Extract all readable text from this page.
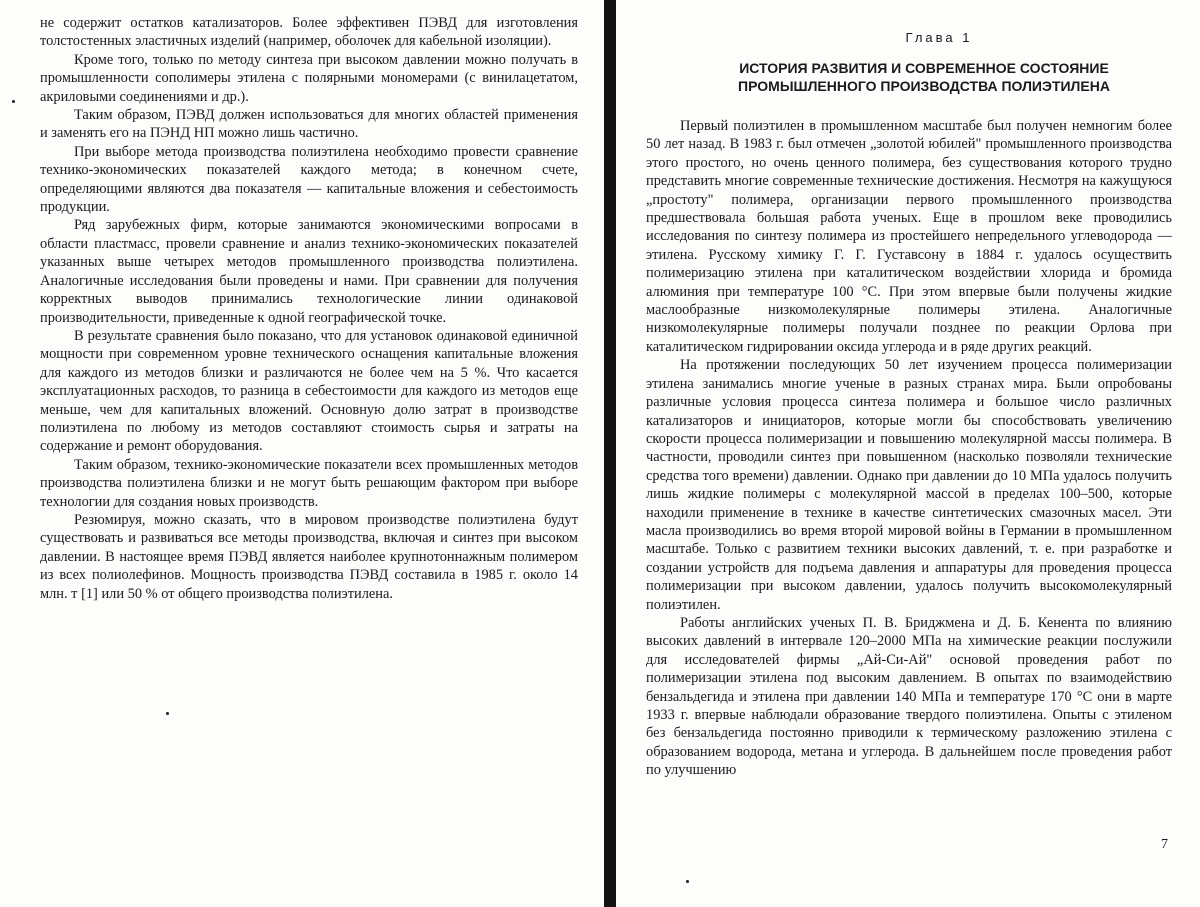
не содержит остатков катализаторов. Более эффективен ПЭВД для изготовления толстостенных эластичных изделий (например, оболочек для кабельной изоляции).

Кроме того, только по методу синтеза при высоком давлении можно получать в промышленности сополимеры этилена с полярными мономерами (с винилацетатом, акриловыми соединениями и др.).

Таким образом, ПЭВД должен использоваться для многих областей применения и заменять его на ПЭНД НП можно лишь частично.

При выборе метода производства полиэтилена необходимо провести сравнение технико-экономических показателей каждого метода; в конечном счете, определяющими являются два показателя — капитальные вложения и себестоимость продукции.

Ряд зарубежных фирм, которые занимаются экономическими вопросами в области пластмасс, провели сравнение и анализ технико-экономических показателей указанных выше четырех методов промышленного производства полиэтилена. Аналогичные исследования были проведены и нами. При сравнении для получения корректных выводов принимались технологические линии одинаковой производительности, приведенные к одной географической точке.

В результате сравнения было показано, что для установок одинаковой единичной мощности при современном уровне технического оснащения капитальные вложения для каждого из методов близки и различаются не более чем на 5 %. Что касается эксплуатационных расходов, то разница в себестоимости для каждого из методов еще меньше, чем для капитальных вложений. Основную долю затрат в производстве полиэтилена по любому из методов составляют стоимость сырья и затраты на содержание и ремонт оборудования.

Таким образом, технико-экономические показатели всех промышленных методов производства полиэтилена близки и не могут быть решающим фактором при выборе технологии для создания новых производств.

Резюмируя, можно сказать, что в мировом производстве полиэтилена будут существовать и развиваться все методы производства, включая и синтез при высоком давлении. В настоящее время ПЭВД является наиболее крупнотоннажным полимером из всех полиолефинов. Мощность производства ПЭВД составила в 1985 г. около 14 млн. т [1] или 50 % от общего производства полиэтилена.

Глава 1
ИСТОРИЯ РАЗВИТИЯ И СОВРЕМЕННОЕ СОСТОЯНИЕ ПРОМЫШЛЕННОГО ПРОИЗВОДСТВА ПОЛИЭТИЛЕНА

Первый полиэтилен в промышленном масштабе был получен немногим более 50 лет назад. В 1983 г. был отмечен „золотой юбилей" промышленного производства этого простого, но очень ценного полимера, без существования которого трудно представить многие современные технические достижения. Несмотря на кажущуюся „простоту" полимера, организации первого промышленного производства предшествовала большая работа ученых. Еще в прошлом веке проводились исследования по синтезу полимера из простейшего непредельного углеводорода — этилена. Русскому химику Г. Г. Густавсону в 1884 г. удалось осуществить полимеризацию этилена при каталитическом воздействии хлорида и бромида алюминия при температуре 100 °С. При этом впервые были получены жидкие маслообразные низкомолекулярные полимеры этилена. Аналогичные низкомолекулярные полимеры получали позднее по реакции Орлова при каталитическом гидрировании оксида углерода и в ряде других реакций.

На протяжении последующих 50 лет изучением процесса полимеризации этилена занимались многие ученые в разных странах мира. Были опробованы различные условия процесса синтеза полимера и большое число различных катализаторов и инициаторов, которые могли бы способствовать увеличению скорости процесса полимеризации и повышению молекулярной массы полимера. В частности, проводили синтез при повышенном (насколько позволяли технические средства того времени) давлении. Однако при давлении до 10 МПа удалось получить лишь жидкие полимеры с молекулярной массой в пределах 100–500, которые находили применение в технике в качестве синтетических смазочных масел. Эти масла производились во время второй мировой войны в Германии в промышленном масштабе. Только с развитием техники высоких давлений, т. е. при разработке и создании устройств для подъема давления и аппаратуры для проведения процесса полимеризации при высоком давлении, удалось получить высокомолекулярный полиэтилен.

Работы английских ученых П. В. Бриджмена и Д. Б. Кенента по влиянию высоких давлений в интервале 120–2000 МПа на химические реакции послужили для исследователей фирмы „Ай-Си-Ай" основой проведения работ по полимеризации этилена под высоким давлением. В опытах по взаимодействию бензальдегида и этилена при давлении 140 МПа и температуре 170 °С они в марте 1933 г. впервые наблюдали образование твердого полиэтилена. Опыты с этиленом без бензальдегида постоянно приводили к термическому разложению этилена с образованием водорода, метана и углерода. В дальнейшем после проведения работ по улучшению

7
